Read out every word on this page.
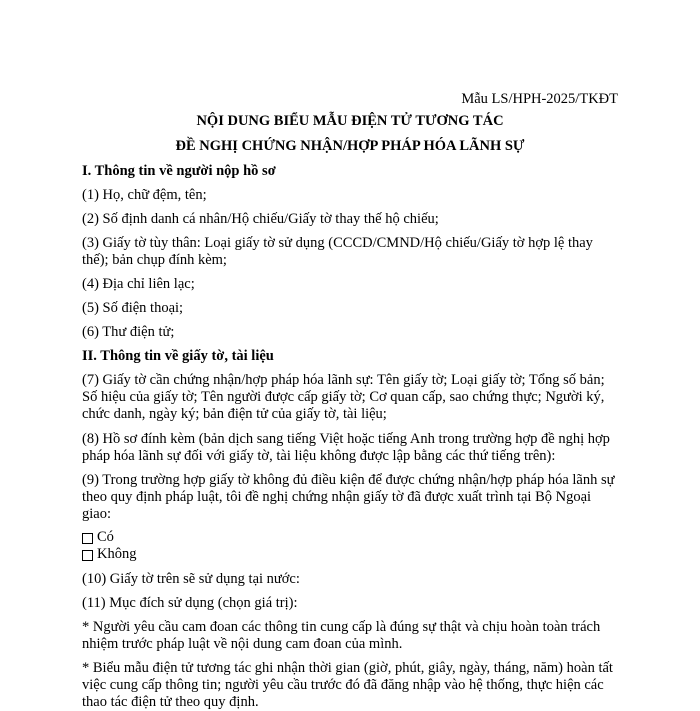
Mẫu LS/HPH-2025/TKĐT
NỘI DUNG BIỂU MẪU ĐIỆN TỬ TƯƠNG TÁC
ĐỀ NGHỊ CHỨNG NHẬN/HỢP PHÁP HÓA LÃNH SỰ
I. Thông tin về người nộp hồ sơ
(1) Họ, chữ đệm, tên;
(2) Số định danh cá nhân/Hộ chiếu/Giấy tờ thay thế hộ chiếu;
(3) Giấy tờ tùy thân: Loại giấy tờ sử dụng (CCCD/CMND/Hộ chiếu/Giấy tờ hợp lệ thay thế); bản chụp đính kèm;
(4) Địa chỉ liên lạc;
(5) Số điện thoại;
(6) Thư điện tử;
II. Thông tin về giấy tờ, tài liệu
(7) Giấy tờ cần chứng nhận/hợp pháp hóa lãnh sự: Tên giấy tờ; Loại giấy tờ; Tổng số bản; Số hiệu của giấy tờ; Tên người được cấp giấy tờ; Cơ quan cấp, sao chứng thực; Người ký, chức danh, ngày ký; bản điện tử của giấy tờ, tài liệu;
(8) Hồ sơ đính kèm (bản dịch sang tiếng Việt hoặc tiếng Anh trong trường hợp đề nghị hợp pháp hóa lãnh sự đối với giấy tờ, tài liệu không được lập bằng các thứ tiếng trên):
(9) Trong trường hợp giấy tờ không đủ điều kiện để được chứng nhận/hợp pháp hóa lãnh sự theo quy định pháp luật, tôi đề nghị chứng nhận giấy tờ đã được xuất trình tại Bộ Ngoại giao:
Có
Không
(10) Giấy tờ trên sẽ sử dụng tại nước:
(11) Mục đích sử dụng (chọn giá trị):
* Người yêu cầu cam đoan các thông tin cung cấp là đúng sự thật và chịu hoàn toàn trách nhiệm trước pháp luật về nội dung cam đoan của mình.
* Biểu mẫu điện tử tương tác ghi nhận thời gian (giờ, phút, giây, ngày, tháng, năm) hoàn tất việc cung cấp thông tin; người yêu cầu trước đó đã đăng nhập vào hệ thống, thực hiện các thao tác điện tử theo quy định.
